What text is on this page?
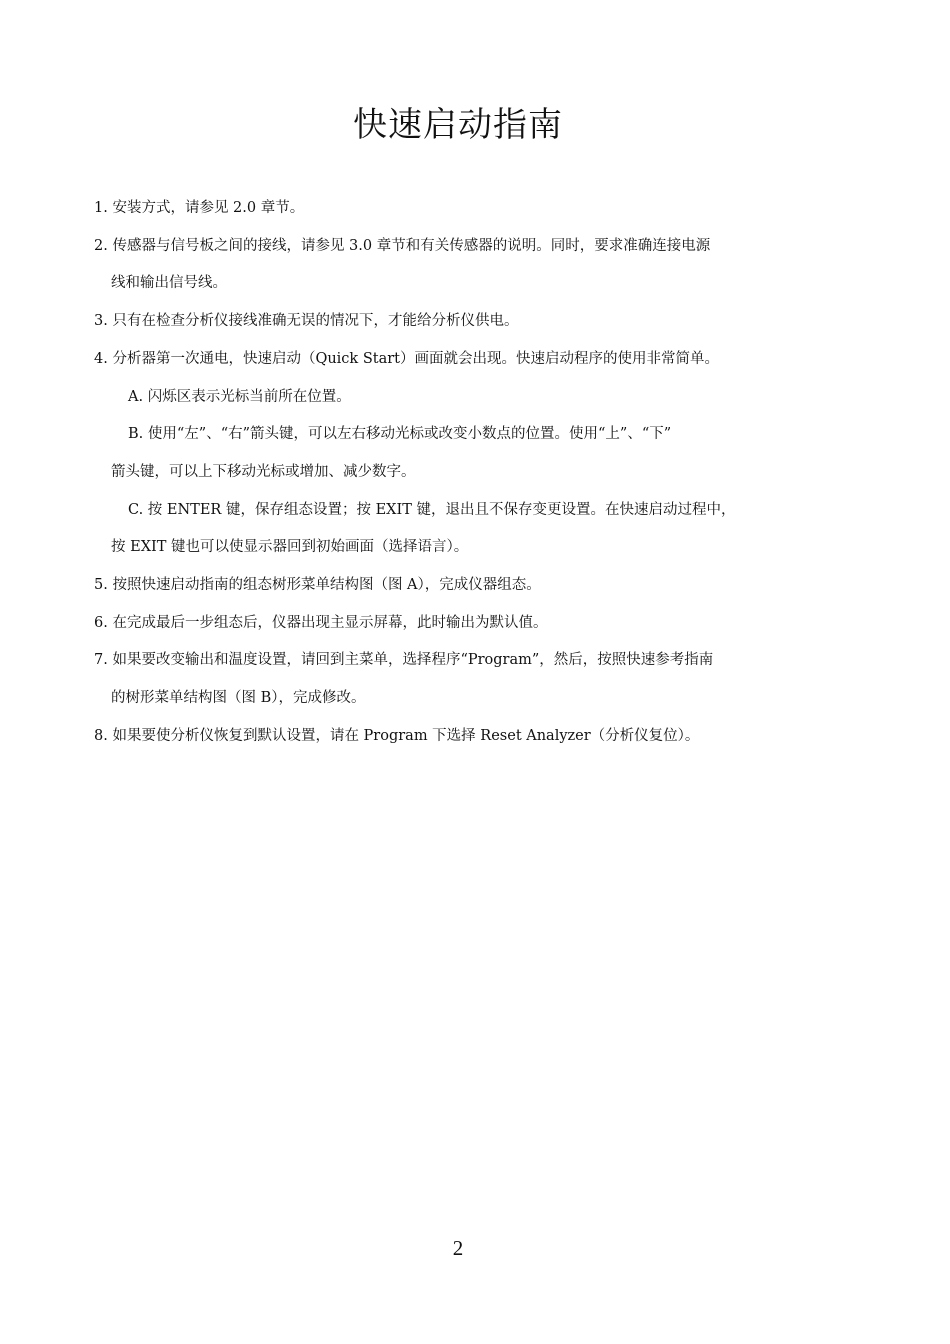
快速启动指南
1. 安装方式，请参见 2.0 章节。
2. 传感器与信号板之间的接线，请参见 3.0 章节和有关传感器的说明。同时，要求准确连接电源
线和输出信号线。
3. 只有在检查分析仪接线准确无误的情况下，才能给分析仪供电。
4. 分析器第一次通电，快速启动（Quick Start）画面就会出现。快速启动程序的使用非常简单。
A. 闪烁区表示光标当前所在位置。
B. 使用“左”、“右”箭头键，可以左右移动光标或改变小数点的位置。使用“上”、“下”
箭头键，可以上下移动光标或增加、减少数字。
C. 按 ENTER 键，保存组态设置；按 EXIT 键，退出且不保存变更设置。在快速启动过程中，
按 EXIT 键也可以使显示器回到初始画面（选择语言）。
5. 按照快速启动指南的组态树形菜单结构图（图 A），完成仪器组态。
6. 在完成最后一步组态后，仪器出现主显示屏幕，此时输出为默认值。
7. 如果要改变输出和温度设置，请回到主菜单，选择程序“Program”，然后，按照快速参考指南
的树形菜单结构图（图 B），完成修改。
8. 如果要使分析仪恢复到默认设置，请在 Program 下选择 Reset Analyzer（分析仪复位）。
2
